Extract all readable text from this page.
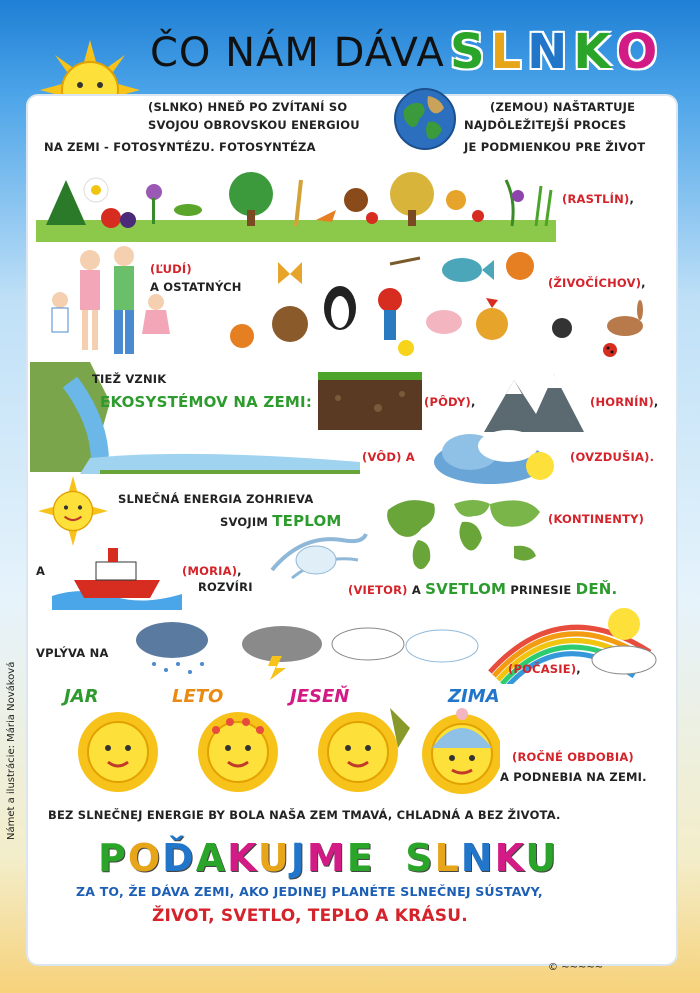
ČO NÁM DÁVA S L N K O
(SLNKO) HNEĎ PO ZVÍTANÍ SO	(ZEMOU) NAŠTARTUJE
SVOJOU OBROVSKOU ENERGIOU	NAJDÔLEŽITEJŠÍ PROCES
NA ZEMI - FOTOSYNTÉZU. FOTOSYNTÉZA	JE PODMIENKOU PRE ŽIVOT
(RASTLÍN),
(ĽUDÍ)
A OSTATNÝCH	(ŽIVOČÍCHOV),
TIEŽ VZNIK
EKOSYSTÉMOV NA ZEMI:	(PÔDY),	(HORNÍN),
(VÔD) A	(OVZDUŠIA).
SLNEČNÁ ENERGIA ZOHRIEVA
SVOJIM TEPLOM	(KONTINENTY)
A	(MORIA),
ROZVÍRI	(VIETOR) A SVETLOM PRINESIE DEŇ.
VPLÝVA NA
(POČASIE),
JAR	LETO	JESEŇ	ZIMA
(ROČNÉ OBDOBIA)
A PODNEBIA NA ZEMI.
BEZ SLNEČNEJ ENERGIE BY BOLA NAŠA ZEM TMAVÁ, CHLADNÁ A BEZ ŽIVOTA.
POĎAKUJME SLNKU
ZA TO, ŽE DÁVA ZEMI, AKO JEDINEJ PLANÉTE SLNEČNEJ SÚSTAVY,
ŽIVOT, SVETLO, TEPLO A KRÁSU.
Námet a ilustrácie: Mária Nováková
© ~~~~~
